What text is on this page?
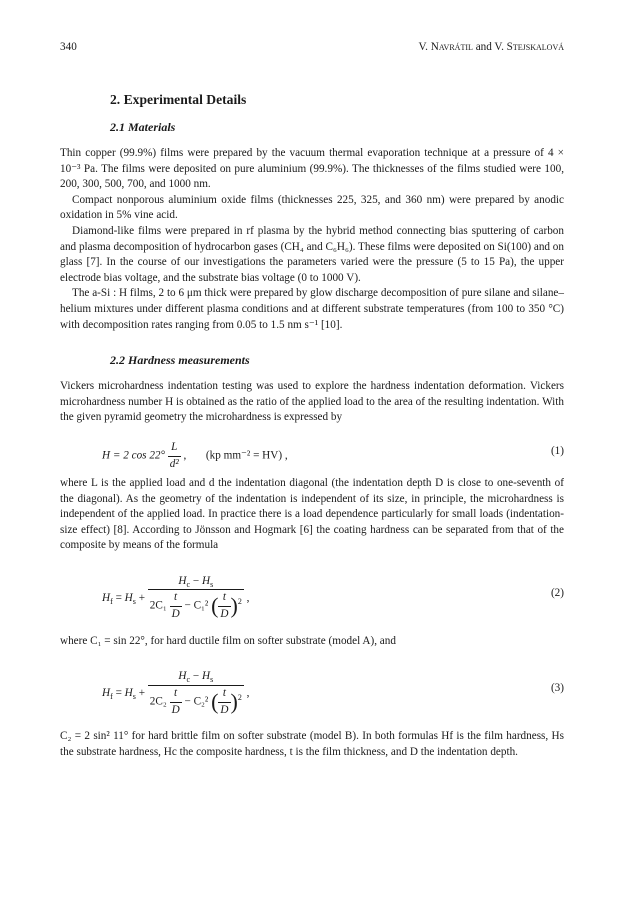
340	V. Navrátil and V. Stejskalová
2. Experimental Details
2.1 Materials

Thin copper (99.9%) films were prepared by the vacuum thermal evaporation technique at a pressure of 4 × 10⁻³ Pa. The films were deposited on pure aluminium (99.9%). The thicknesses of the films studied were 100, 200, 300, 500, 700, and 1000 nm.

Compact nonporous aluminium oxide films (thicknesses 225, 325, and 360 nm) were prepared by anodic oxidation in 5% vine acid.

Diamond-like films were prepared in rf plasma by the hybrid method connecting bias sputtering of carbon and plasma decomposition of hydrocarbon gases (CH₄ and C₆H₆). These films were deposited on Si(100) and on glass [7]. In the course of our investigations the parameters varied were the pressure (5 to 15 Pa), the upper electrode bias voltage, and the substrate bias voltage (0 to 1000 V).

The a-Si : H films, 2 to 6 μm thick were prepared by glow discharge decomposition of pure silane and silane–helium mixtures under different plasma conditions and at different substrate temperatures (from 100 to 350 °C) with decomposition rates ranging from 0.05 to 1.5 nm s⁻¹ [10].

2.2 Hardness measurements

Vickers microhardness indentation testing was used to explore the hardness indentation deformation. Vickers microhardness number H is obtained as the ratio of the applied load to the area of the resulting indentation. With the given pyramid geometry the microhardness is expressed by

H = 2 $\cos 22^\circ \frac{L}{\text{d²}}$ ,       (kp mm⁻² = HV) ,	(1)

where L is the applied load and d the indentation diagonal (the indentation depth D is close to one-seventh of the diagonal). As the geometry of the indentation is independent of its size, in principle, the microhardness is independent of the applied load. In practice there is a load dependence particularly for small loads (indentation-size effect) [8]. According to Jönsson and Hogmark [6] the coating hardness can be separated from that of the composite by means of the formula

$H_f = H_s + \frac{H_c - H_s}{2C_1 \frac{t}{D} - C_1^2 ( \frac{t}{D} )^2}$ ,	(2)

where C₁ = sin 22°, for hard ductile film on softer substrate (model A), and

$H_f = H_s + \frac{H_c - H_s}{2C_2 \frac{t}{D} - C_2^2 ( \frac{t}{D} )^2}$ ,	(3)

C₂ = 2 sin² 11° for hard brittle film on softer substrate (model B). In both formulas Hf is the film hardness, Hs the substrate hardness, Hc the composite hardness, t is the film thickness, and D the indentation depth.
